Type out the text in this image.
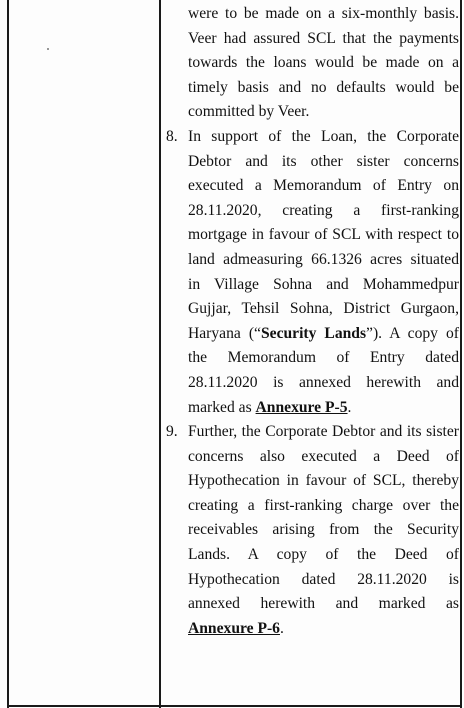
were to be made on a six-monthly basis.
Veer had assured SCL that the payments
towards the loans would be made on a
timely basis and no defaults would be
committed by Veer.
8. In support of the Loan, the Corporate
Debtor and its other sister concerns
executed a Memorandum of Entry on
28.11.2020, creating a first-ranking
mortgage in favour of SCL with respect to
land admeasuring 66.1326 acres situated
in Village Sohna and Mohammedpur
Gujjar, Tehsil Sohna, District Gurgaon,
Haryana (“Security Lands”). A copy of
the Memorandum of Entry dated
28.11.2020 is annexed herewith and
marked as Annexure P-5.
9. Further, the Corporate Debtor and its sister
concerns also executed a Deed of
Hypothecation in favour of SCL, thereby
creating a first-ranking charge over the
receivables arising from the Security
Lands. A copy of the Deed of
Hypothecation dated 28.11.2020 is
annexed herewith and marked as
Annexure P-6.
